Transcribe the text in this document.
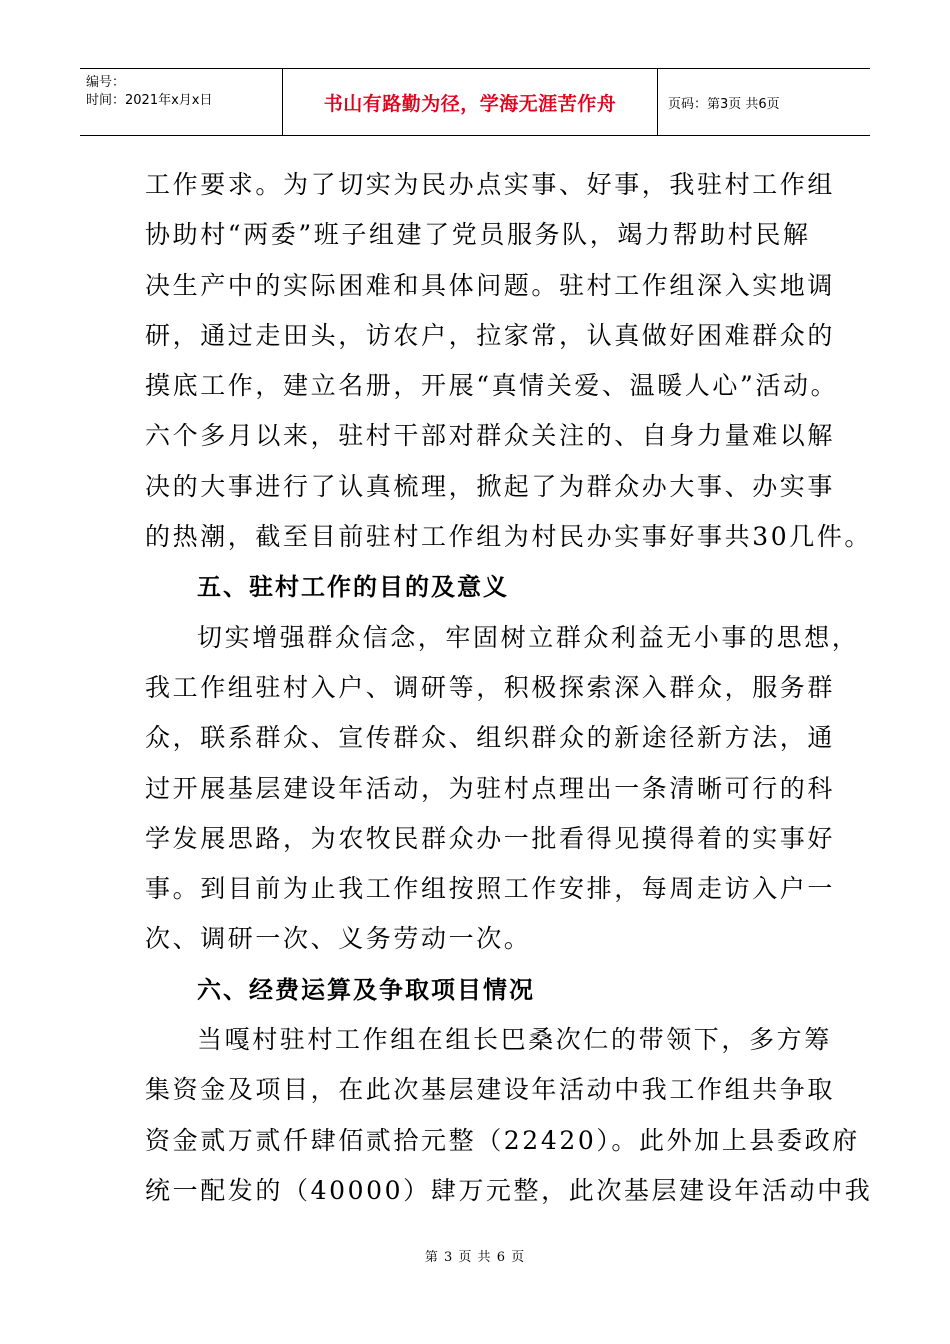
编号：
时间：2021年x月x日	书山有路勤为径，学海无涯苦作舟	页码：第3页 共6页
工作要求。为了切实为民办点实事、好事，我驻村工作组
协助村“两委”班子组建了党员服务队，竭力帮助村民解
决生产中的实际困难和具体问题。驻村工作组深入实地调
研，通过走田头，访农户，拉家常，认真做好困难群众的
摸底工作，建立名册，开展“真情关爱、温暖人心”活动。
六个多月以来，驻村干部对群众关注的、自身力量难以解
决的大事进行了认真梳理，掀起了为群众办大事、办实事
的热潮，截至目前驻村工作组为村民办实事好事共30几件。
五、驻村工作的目的及意义
切实增强群众信念，牢固树立群众利益无小事的思想，
我工作组驻村入户、调研等，积极探索深入群众，服务群
众，联系群众、宣传群众、组织群众的新途径新方法，通
过开展基层建设年活动，为驻村点理出一条清晰可行的科
学发展思路，为农牧民群众办一批看得见摸得着的实事好
事。到目前为止我工作组按照工作安排，每周走访入户一
次、调研一次、义务劳动一次。
六、经费运算及争取项目情况
当嘎村驻村工作组在组长巴桑次仁的带领下，多方筹
集资金及项目，在此次基层建设年活动中我工作组共争取
资金贰万贰仟肆佰贰拾元整（22420）。此外加上县委政府
统一配发的（40000）肆万元整，此次基层建设年活动中我
第 3 页 共 6 页
